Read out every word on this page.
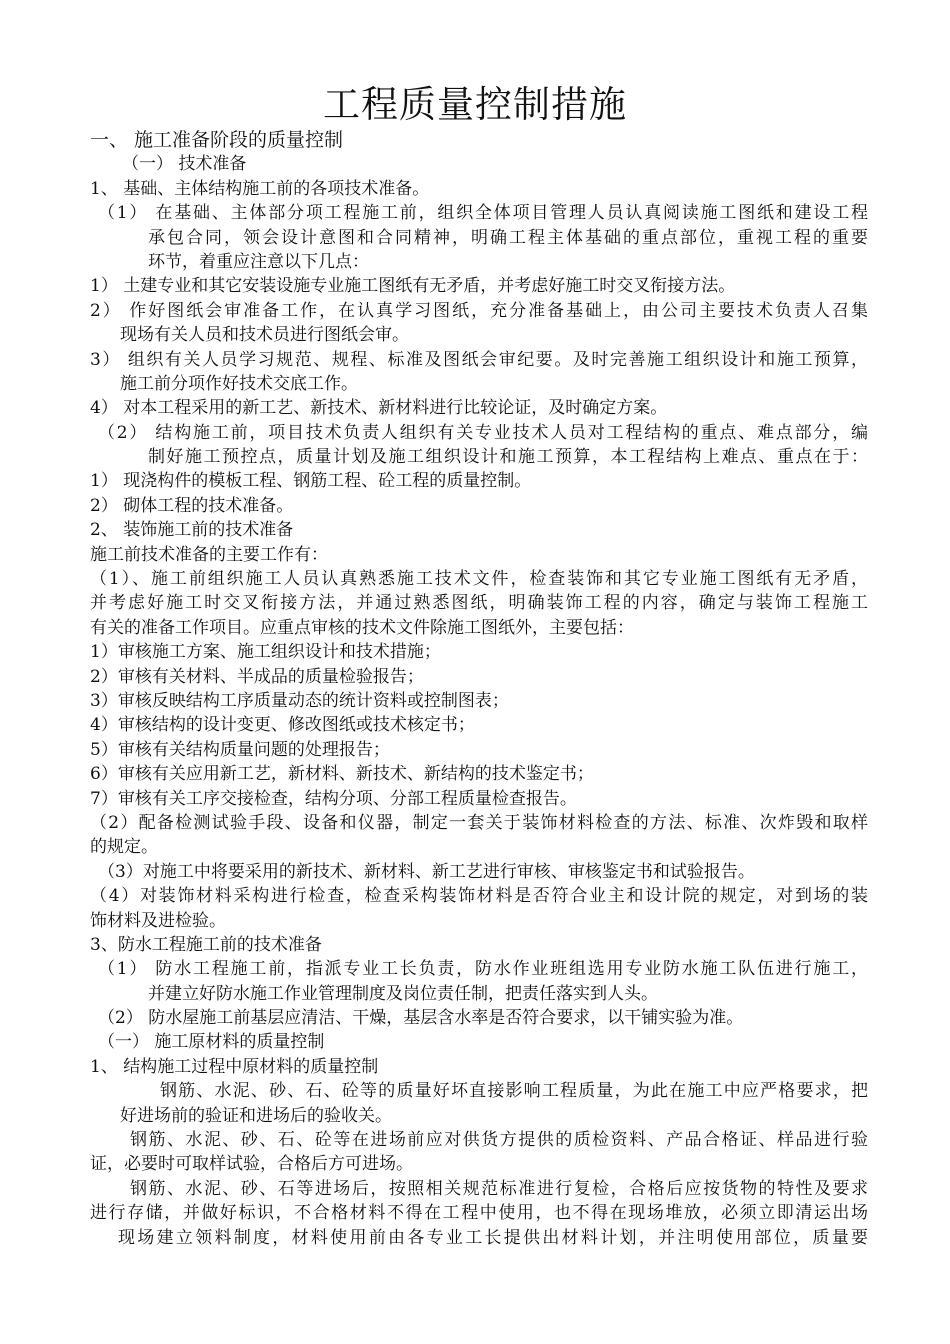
工程质量控制措施
一、 施工准备阶段的质量控制
（一） 技术准备
1、 基础、主体结构施工前的各项技术准备。
（1） 在基础、主体部分项工程施工前，组织全体项目管理人员认真阅读施工图纸和建设工程
承包合同，领会设计意图和合同精神，明确工程主体基础的重点部位，重视工程的重要
环节，着重应注意以下几点：
1） 土建专业和其它安装设施专业施工图纸有无矛盾，并考虑好施工时交叉衔接方法。
2） 作好图纸会审准备工作，在认真学习图纸，充分准备基础上，由公司主要技术负责人召集
现场有关人员和技术员进行图纸会审。
3） 组织有关人员学习规范、规程、标准及图纸会审纪要。及时完善施工组织设计和施工预算，
施工前分项作好技术交底工作。
4） 对本工程采用的新工艺、新技术、新材料进行比较论证，及时确定方案。
（2） 结构施工前，项目技术负责人组织有关专业技术人员对工程结构的重点、难点部分，编
制好施工预控点，质量计划及施工组织设计和施工预算，本工程结构上难点、重点在于：
1） 现浇构件的模板工程、钢筋工程、砼工程的质量控制。
2） 砌体工程的技术准备。
2、 装饰施工前的技术准备
施工前技术准备的主要工作有：
（1）、施工前组织施工人员认真熟悉施工技术文件，检查装饰和其它专业施工图纸有无矛盾，
并考虑好施工时交叉衔接方法，并通过熟悉图纸，明确装饰工程的内容，确定与装饰工程施工
有关的准备工作项目。应重点审核的技术文件除施工图纸外，主要包括：
1）审核施工方案、施工组织设计和技术措施；
2）审核有关材料、半成品的质量检验报告；
3）审核反映结构工序质量动态的统计资料或控制图表；
4）审核结构的设计变更、修改图纸或技术核定书；
5）审核有关结构质量问题的处理报告；
6）审核有关应用新工艺，新材料、新技术、新结构的技术鉴定书；
7）审核有关工序交接检查，结构分项、分部工程质量检查报告。
（2）配备检测试验手段、设备和仪器，制定一套关于装饰材料检查的方法、标准、次炸毁和取样
的规定。
（3）对施工中将要采用的新技术、新材料、新工艺进行审核、审核鉴定书和试验报告。
（4）对装饰材料采构进行检查，检查采构装饰材料是否符合业主和设计院的规定，对到场的装
饰材料及进检验。
3、防水工程施工前的技术准备
（1） 防水工程施工前，指派专业工长负责，防水作业班组选用专业防水施工队伍进行施工，
并建立好防水施工作业管理制度及岗位责任制，把责任落实到人头。
（2） 防水屋施工前基层应清洁、干燥，基层含水率是否符合要求，以干铺实验为准。
（一） 施工原材料的质量控制
1、 结构施工过程中原材料的质量控制
钢筋、水泥、砂、石、砼等的质量好坏直接影响工程质量，为此在施工中应严格要求，把
好进场前的验证和进场后的验收关。
钢筋、水泥、砂、石、砼等在进场前应对供货方提供的质检资料、产品合格证、样品进行验
证，必要时可取样试验，合格后方可进场。
钢筋、水泥、砂、石等进场后，按照相关规范标准进行复检，合格后应按货物的特性及要求
进行存储，并做好标识，不合格材料不得在工程中使用，也不得在现场堆放，必须立即清运出场
现场建立领料制度，材料使用前由各专业工长提供出材料计划，并注明使用部位，质量要
